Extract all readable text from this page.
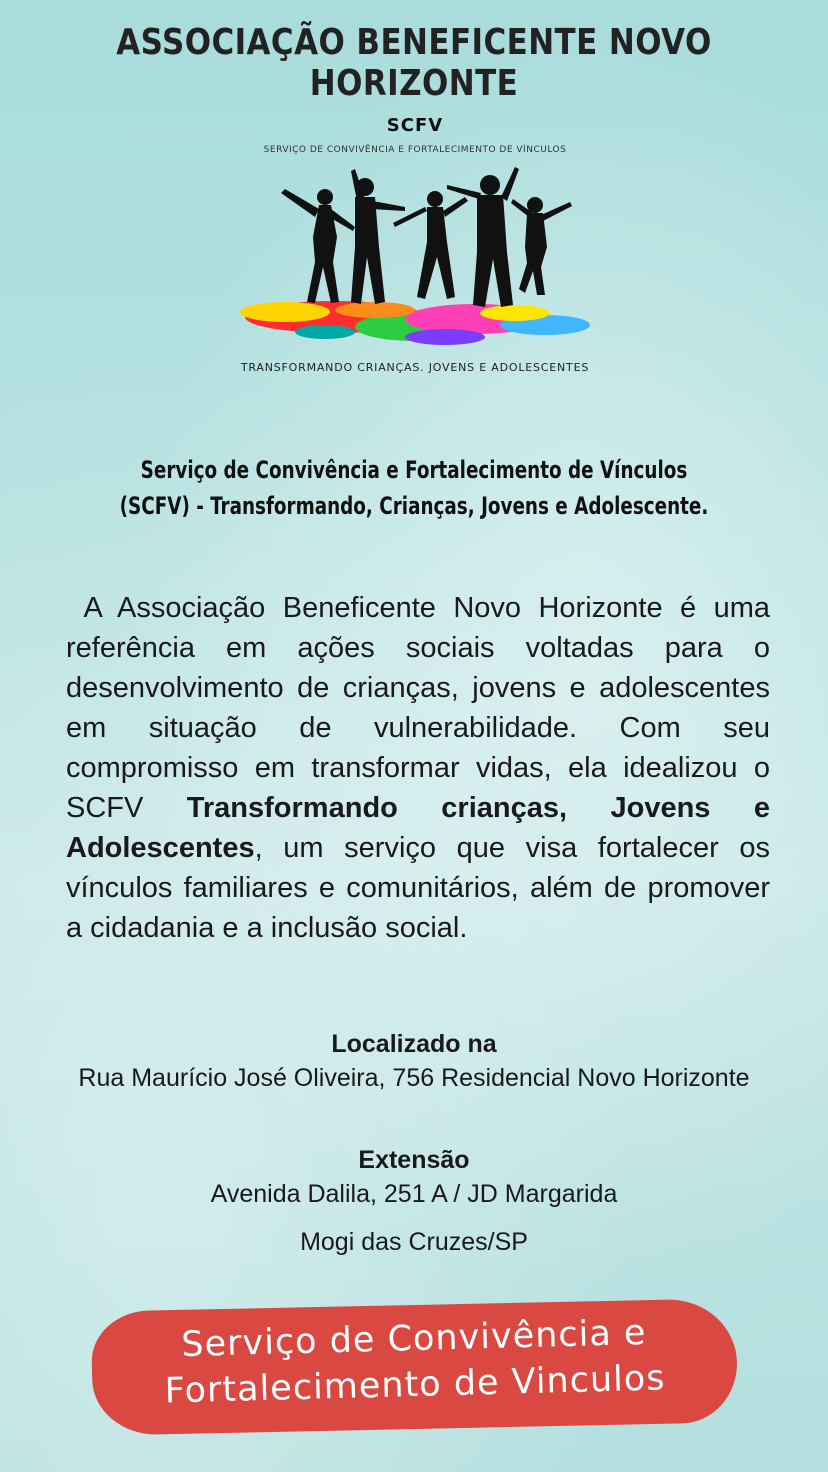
ASSOCIAÇÃO BENEFICENTE NOVO HORIZONTE
SCFV
SERVIÇO DE CONVIVÊNCIA E FORTALECIMENTO DE VÍNCULOS
TRANSFORMANDO CRIANÇAS. JOVENS E ADOLESCENTES
Serviço de Convivência e Fortalecimento de Vínculos
(SCFV) - Transformando, Crianças, Jovens e Adolescente.
A Associação Beneficente Novo Horizonte é uma referência em ações sociais voltadas para o desenvolvimento de crianças, jovens e adolescentes em situação de vulnerabilidade. Com seu compromisso em transformar vidas, ela idealizou o SCFV Transformando crianças, Jovens e Adolescentes, um serviço que visa fortalecer os vínculos familiares e comunitários, além de promover a cidadania e a inclusão social.
Localizado na
Rua Maurício José Oliveira, 756 Residencial Novo Horizonte
Extensão
Avenida Dalila, 251 A / JD Margarida
Mogi das Cruzes/SP
Serviço de Convivência e
Fortalecimento de Vinculos
